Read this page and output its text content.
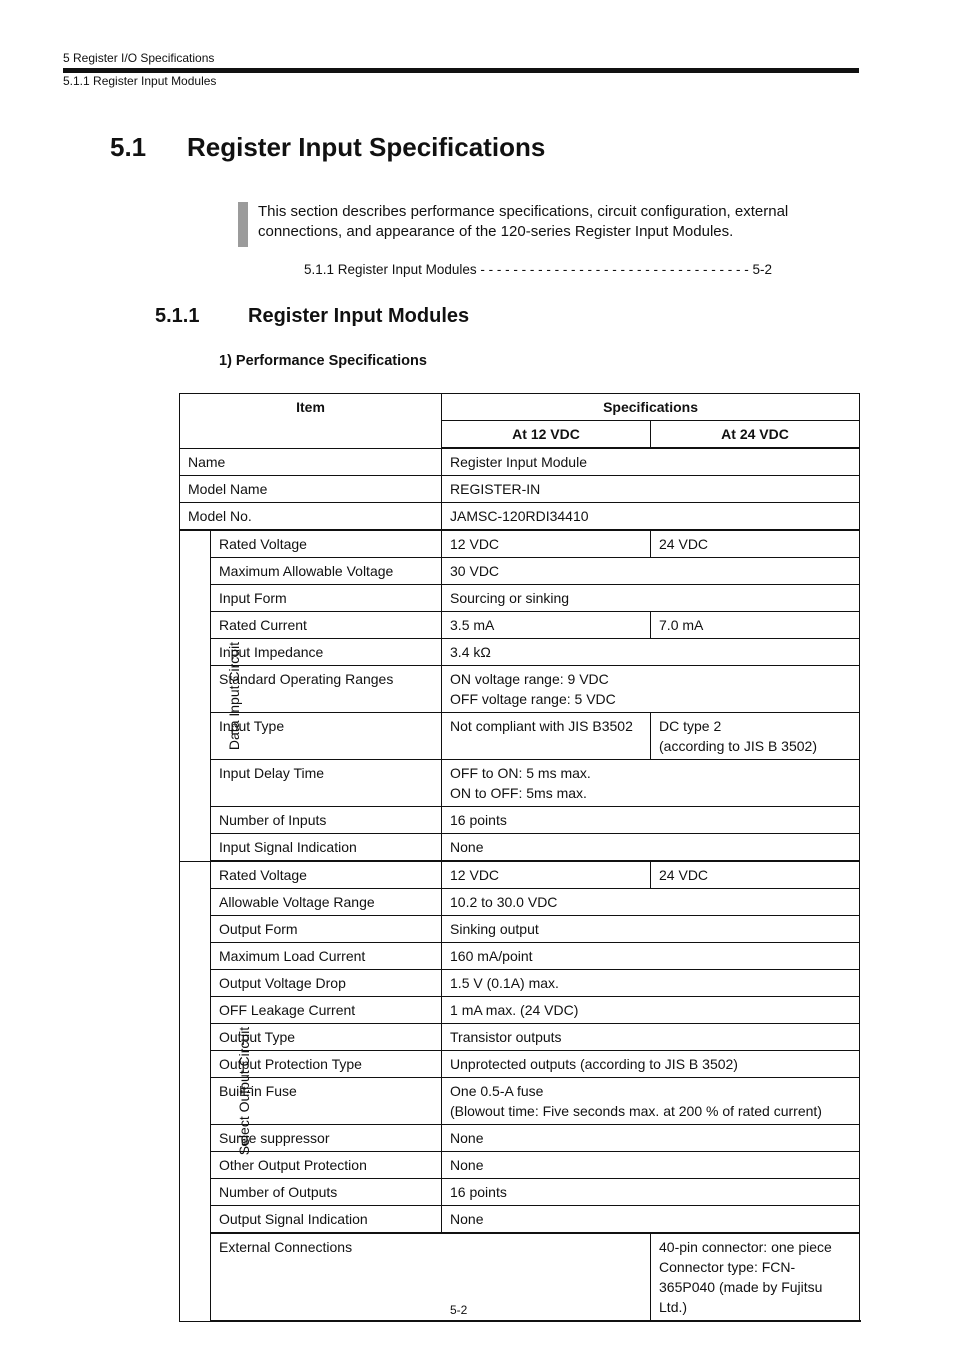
5 Register I/O Specifications
5.1.1 Register Input Modules
5.1 Register Input Specifications
This section describes performance specifications, circuit configuration, external connections, and appearance of the 120-series Register Input Modules.
5.1.1 Register Input Modules - - - - - - - - - - - - - - - - - - - - - - - - - - - - - - - - - 5-2
5.1.1 Register Input Modules
1) Performance Specifications
Item		Specifications	
		At 12 VDC	At 24 VDC
Name		Register Input Module	
Model Name		REGISTER-IN	
Model No.		JAMSC-120RDI34410	
Data Input Circuit	Rated Voltage	12 VDC	24 VDC
	Maximum Allowable Voltage	30 VDC	
	Input Form	Sourcing or sinking	
	Rated Current	3.5 mA	7.0 mA
	Input Impedance	3.4 kΩ	
	Standard Operating Ranges	ON voltage range: 9 VDC
OFF voltage range: 5 VDC	

	Input Type	Not compliant with JIS B3502	DC type 2
(according to JIS B 3502)

	Input Delay Time	OFF to ON: 5 ms max.
ON to OFF: 5ms max.	

	Number of Inputs	16 points	
	Input Signal Indication	None	
Select Output Circuit	Rated Voltage	12 VDC	24 VDC
	Allowable Voltage Range	10.2 to 30.0 VDC	
	Output Form	Sinking output	
	Maximum Load Current	160 mA/point	
	Output Voltage Drop	1.5 V (0.1A) max.	
	OFF Leakage Current	1 mA max. (24 VDC)	
	Output Type	Transistor outputs	
	Output Protection Type	Unprotected outputs (according to JIS B 3502)	
	Built-in Fuse	One 0.5-A fuse
(Blowout time: Five seconds max. at 200 % of rated current)	

	Surge suppressor	None	
	Other Output Protection	None	
	Number of Outputs	16 points	
	Output Signal Indication	None	
	External Connections		40-pin connector: one piece
Connector type: FCN-365P040 (made by Fujitsu Ltd.)
5-2
